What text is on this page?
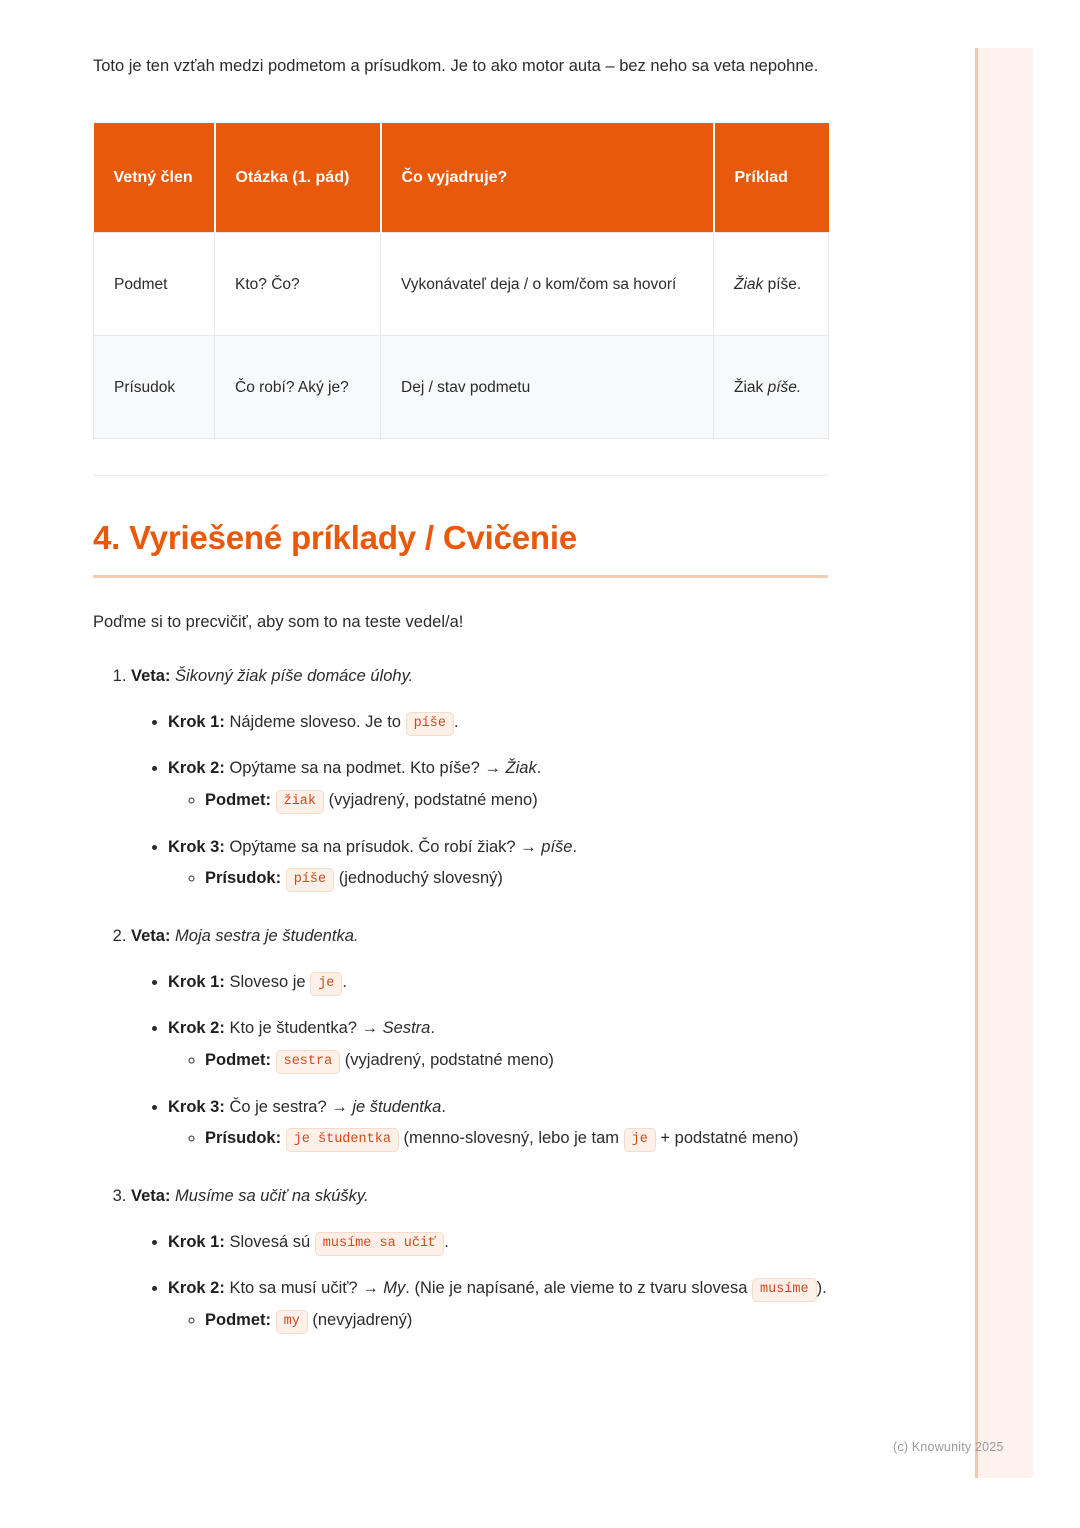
(c) Knowunity 2025

Toto je ten vzťah medzi podmetom a prísudkom. Je to ako motor auta – bez neho sa veta nepohne.

Vetný člen	Otázka (1. pád)	Čo vyjadruje?	Príklad
Podmet	Kto? Čo?	Vykonávateľ deja / o kom/čom sa hovorí	Žiak píše.
Prísudok	Čo robí? Aký je?	Dej / stav podmetu	Žiak píše.
4. Vyriešené príklady / Cvičenie

Poďme si to precvičiť, aby som to na teste vedel/a!

1. Veta: Šikovný žiak píše domáce úlohy.
• Krok 1: Nájdeme sloveso. Je to píše .
• Krok 2: Opýtame sa na podmet. Kto píše? → Žiak.
◦ Podmet: žiak (vyjadrený, podstatné meno)
• Krok 3: Opýtame sa na prísudok. Čo robí žiak? → píše.
◦ Prísudok: píše (jednoduchý slovesný)
2. Veta: Moja sestra je študentka.
• Krok 1: Sloveso je je .
• Krok 2: Kto je študentka? → Sestra.
◦ Podmet: sestra (vyjadrený, podstatné meno)
• Krok 3: Čo je sestra? → je študentka.
◦ Prísudok: je študentka (menno-slovesný, lebo je tam je + podstatné meno)
3. Veta: Musíme sa učiť na skúšky.
• Krok 1: Slovesá sú musíme sa učiť .
• Krok 2: Kto sa musí učiť? → My. (Nie je napísané, ale vieme to z tvaru slovesa musíme ).
◦ Podmet: my (nevyjadrený)
